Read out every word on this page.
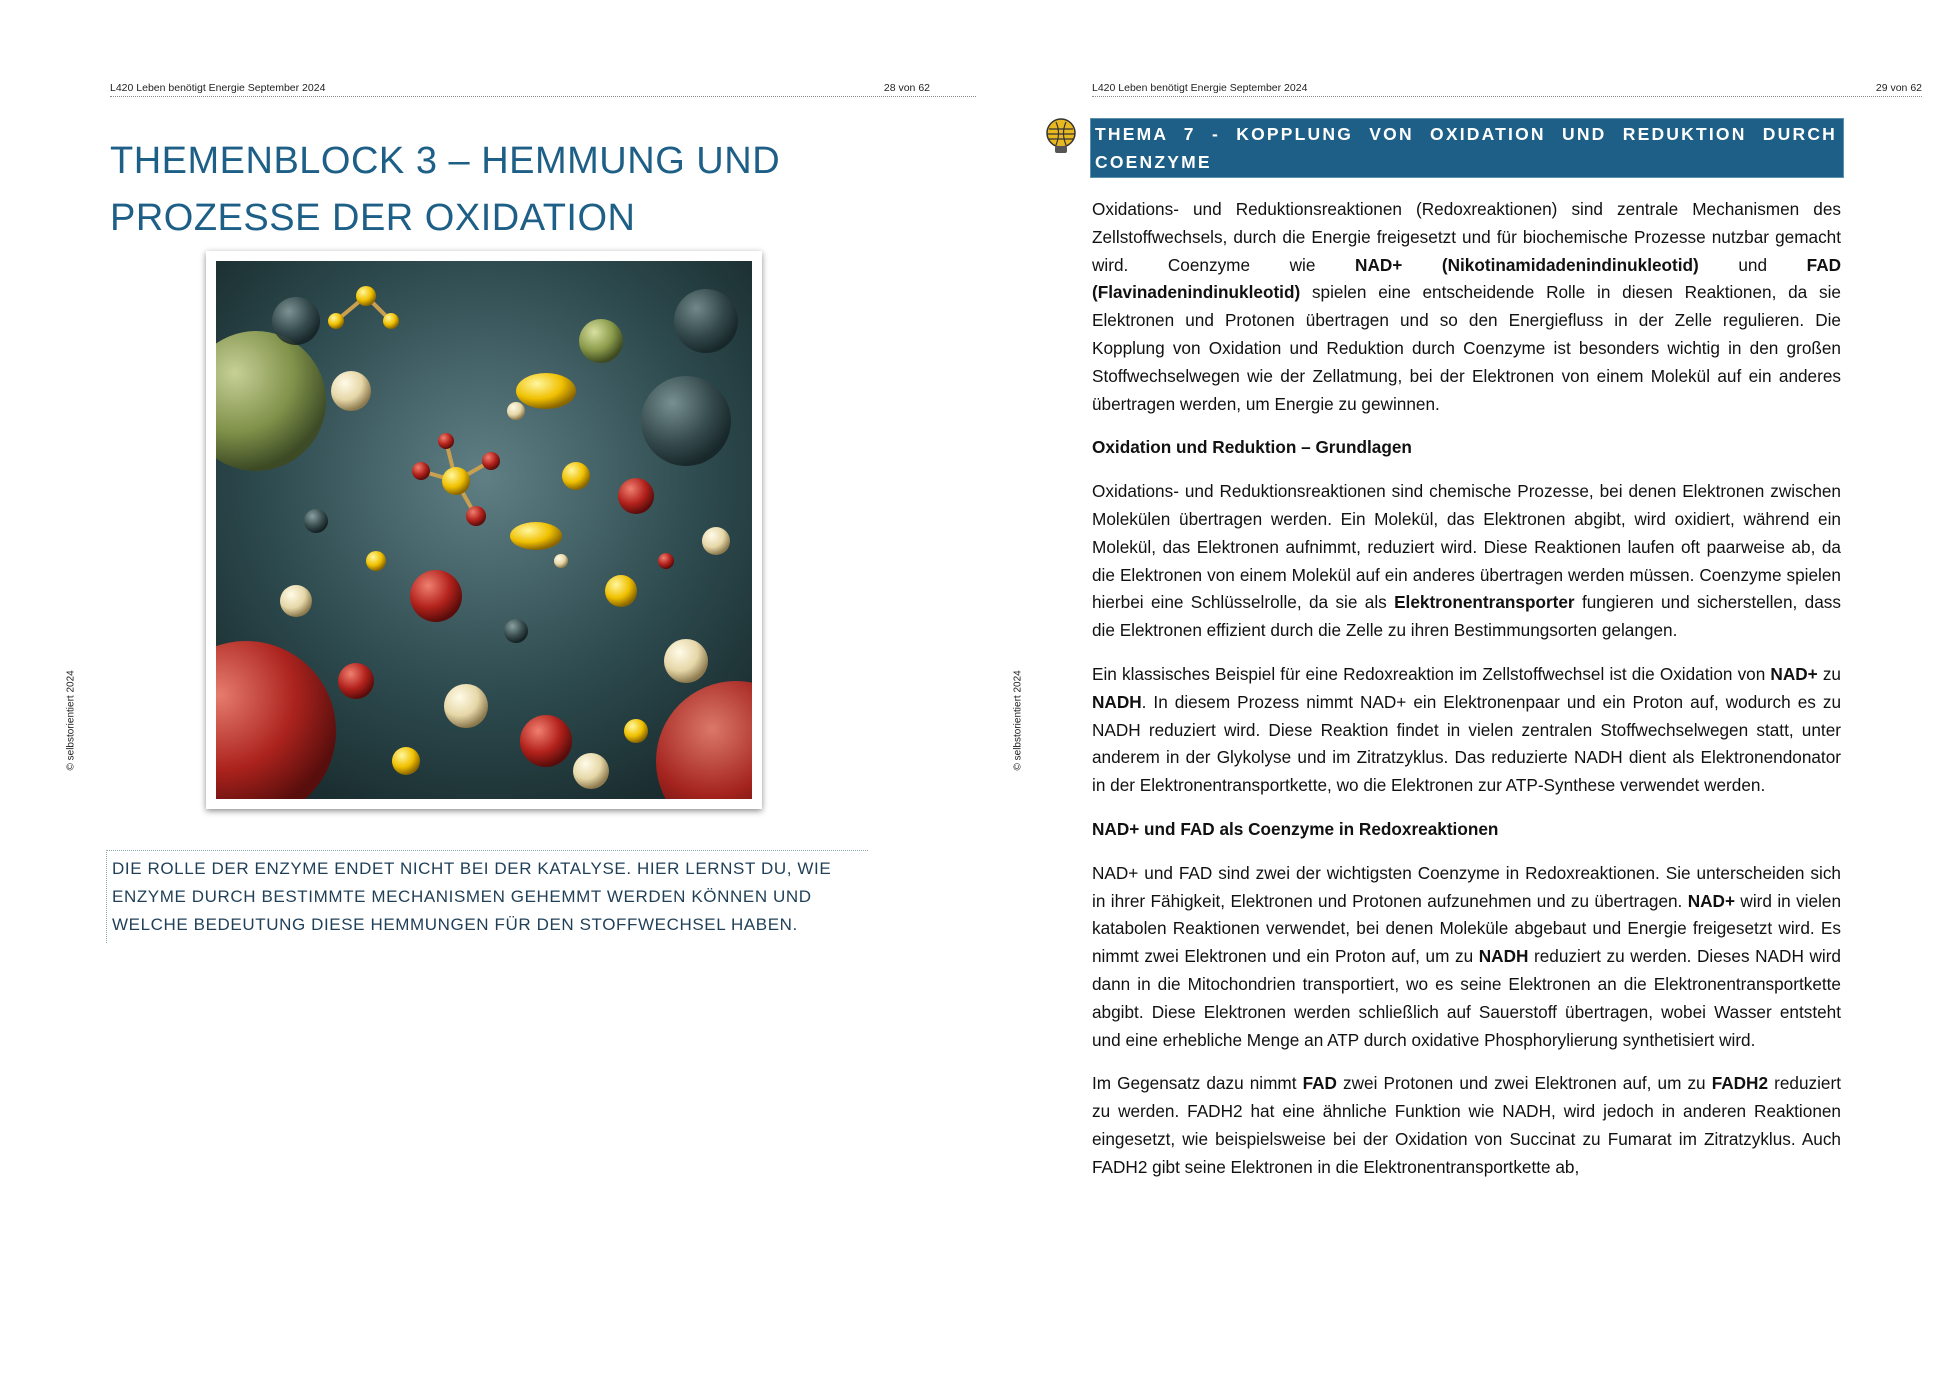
L420 Leben benötigt Energie September 2024	28 von 62
© selbstorientiert 2024
THEMENBLOCK 3 – HEMMUNG UND
PROZESSE DER OXIDATION
DIE ROLLE DER ENZYME ENDET NICHT BEI DER KATALYSE. HIER LERNST DU, WIE ENZYME DURCH BESTIMMTE MECHANISMEN GEHEMMT WERDEN KÖNNEN UND WELCHE BEDEUTUNG DIESE HEMMUNGEN FÜR DEN STOFFWECHSEL HABEN.
L420 Leben benötigt Energie September 2024	29 von 62
© selbstorientiert 2024
THEMA 7 - KOPPLUNG VON OXIDATION UND REDUKTION DURCH COENZYME

Oxidations- und Reduktionsreaktionen (Redoxreaktionen) sind zentrale Mechanismen des Zellstoffwechsels, durch die Energie freigesetzt und für biochemische Prozesse nutzbar gemacht wird. Coenzyme wie NAD+ (Nikotinamidadenindinukleotid) und FAD (Flavinadenindinukleotid) spielen eine entscheidende Rolle in diesen Reaktionen, da sie Elektronen und Protonen übertragen und so den Energiefluss in der Zelle regulieren. Die Kopplung von Oxidation und Reduktion durch Coenzyme ist besonders wichtig in den großen Stoffwechselwegen wie der Zellatmung, bei der Elektronen von einem Molekül auf ein anderes übertragen werden, um Energie zu gewinnen.

Oxidation und Reduktion – Grundlagen

Oxidations- und Reduktionsreaktionen sind chemische Prozesse, bei denen Elektronen zwischen Molekülen übertragen werden. Ein Molekül, das Elektronen abgibt, wird oxidiert, während ein Molekül, das Elektronen aufnimmt, reduziert wird. Diese Reaktionen laufen oft paarweise ab, da die Elektronen von einem Molekül auf ein anderes übertragen werden müssen. Coenzyme spielen hierbei eine Schlüsselrolle, da sie als Elektronentransporter fungieren und sicherstellen, dass die Elektronen effizient durch die Zelle zu ihren Bestimmungsorten gelangen.

Ein klassisches Beispiel für eine Redoxreaktion im Zellstoffwechsel ist die Oxidation von NAD+ zu NADH. In diesem Prozess nimmt NAD+ ein Elektronenpaar und ein Proton auf, wodurch es zu NADH reduziert wird. Diese Reaktion findet in vielen zentralen Stoffwechselwegen statt, unter anderem in der Glykolyse und im Zitratzyklus. Das reduzierte NADH dient als Elektronendonator in der Elektronentransportkette, wo die Elektronen zur ATP-Synthese verwendet werden.

NAD+ und FAD als Coenzyme in Redoxreaktionen

NAD+ und FAD sind zwei der wichtigsten Coenzyme in Redoxreaktionen. Sie unterscheiden sich in ihrer Fähigkeit, Elektronen und Protonen aufzunehmen und zu übertragen. NAD+ wird in vielen katabolen Reaktionen verwendet, bei denen Moleküle abgebaut und Energie freigesetzt wird. Es nimmt zwei Elektronen und ein Proton auf, um zu NADH reduziert zu werden. Dieses NADH wird dann in die Mitochondrien transportiert, wo es seine Elektronen an die Elektronentransportkette abgibt. Diese Elektronen werden schließlich auf Sauerstoff übertragen, wobei Wasser entsteht und eine erhebliche Menge an ATP durch oxidative Phosphorylierung synthetisiert wird.

Im Gegensatz dazu nimmt FAD zwei Protonen und zwei Elektronen auf, um zu FADH2 reduziert zu werden. FADH2 hat eine ähnliche Funktion wie NADH, wird jedoch in anderen Reaktionen eingesetzt, wie beispielsweise bei der Oxidation von Succinat zu Fumarat im Zitratzyklus. Auch FADH2 gibt seine Elektronen in die Elektronentransportkette ab,
